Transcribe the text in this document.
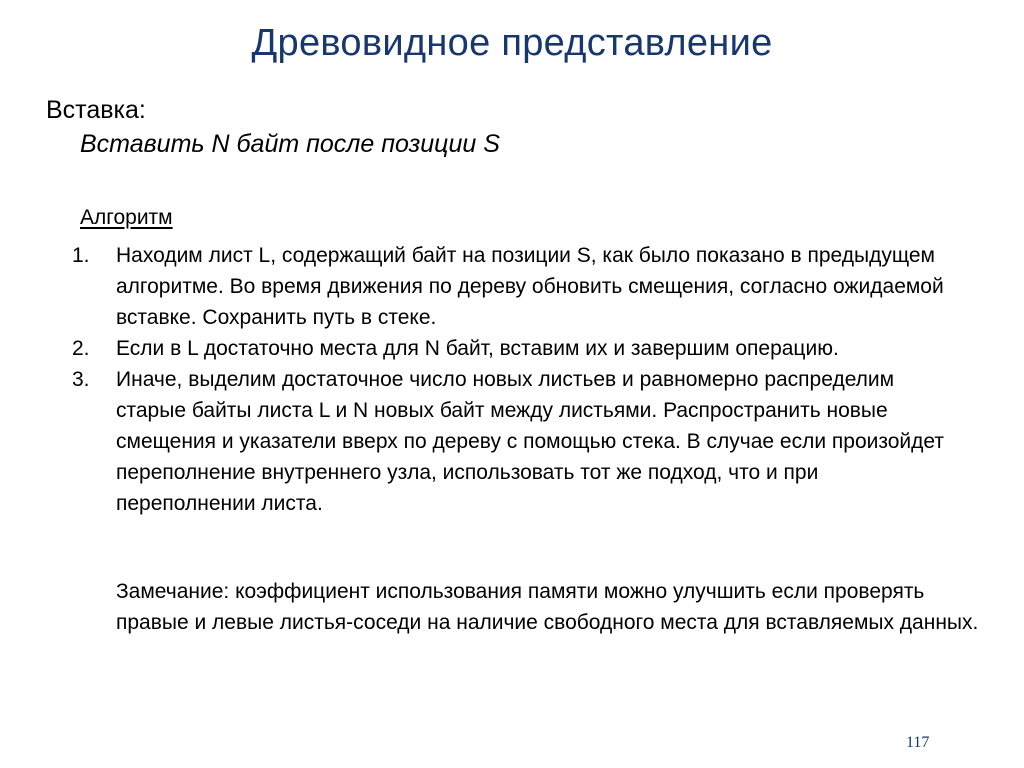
Древовидное представление
Вставка:
Вставить N байт после позиции S
Алгоритм
1.	Находим лист L, содержащий байт на позиции S, как было показано в предыдущем алгоритме. Во время движения по дереву обновить смещения, согласно ожидаемой вставке. Сохранить путь в стеке.
2.	Если в L достаточно места для N байт, вставим их и завершим операцию.
3.	Иначе, выделим достаточное число новых листьев и равномерно распределим старые байты листа L и N новых байт между листьями. Распространить новые смещения и указатели вверх по дереву с помощью стека. В случае если произойдет переполнение внутреннего узла, использовать тот же подход, что и при переполнении листа.
Замечание: коэффициент использования памяти можно улучшить если проверять правые и левые листья-соседи на наличие свободного места для вставляемых данных.
117
